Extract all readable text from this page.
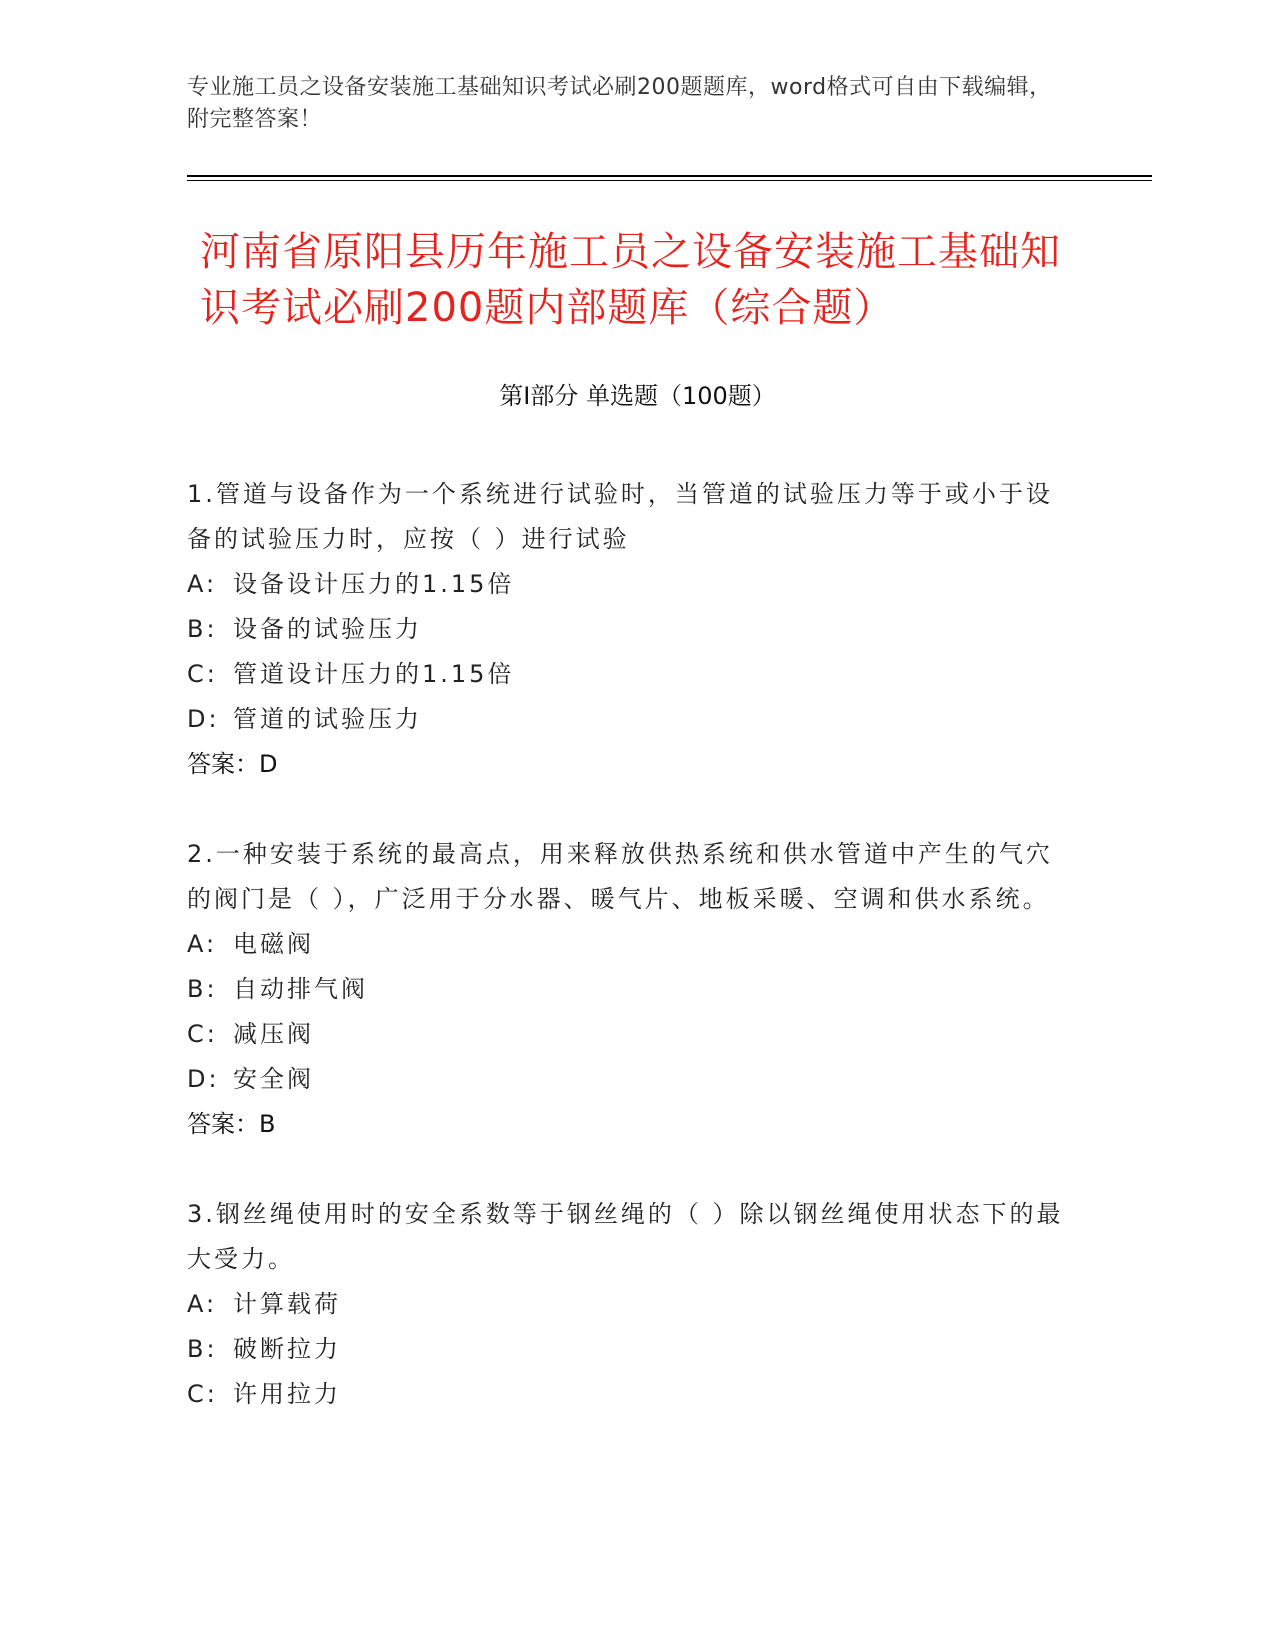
专业施工员之设备安装施工基础知识考试必刷200题题库，word格式可自由下载编辑，附完整答案！
河南省原阳县历年施工员之设备安装施工基础知识考试必刷200题内部题库（综合题）
第Ⅰ部分 单选题（100题）
1.管道与设备作为一个系统进行试验时，当管道的试验压力等于或小于设备的试验压力时，应按（ ）进行试验
A: 设备设计压力的1.15倍
B: 设备的试验压力
C: 管道设计压力的1.15倍
D: 管道的试验压力
答案：D
2.一种安装于系统的最高点，用来释放供热系统和供水管道中产生的气穴的阀门是（ ），广泛用于分水器、暖气片、地板采暖、空调和供水系统。
A: 电磁阀
B: 自动排气阀
C: 减压阀
D: 安全阀
答案：B
3.钢丝绳使用时的安全系数等于钢丝绳的（ ）除以钢丝绳使用状态下的最大受力。
A: 计算载荷
B: 破断拉力
C: 许用拉力
